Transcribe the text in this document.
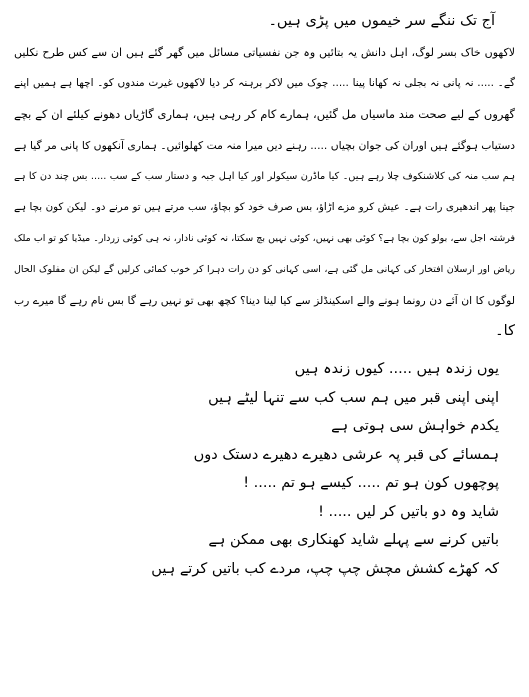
آج تک ننگے سر خیموں میں پڑی ہیں۔
لاکھوں خاک بسر لوگ، اہل دانش یہ بتائیں وہ جن نفسیاتی مسائل میں گھر گئے ہیں ان سے کس طرح نکلیں
گے۔ ..... نہ پانی نہ بجلی نہ کھانا پینا ..... چوک میں لاکر برہنہ کر دیا لاکھوں غیرت مندوں کو۔ اچھا ہے ہمیں اپنے
گھروں کے لیے صحت مند ماسیاں مل گئیں، ہمارے کام کر رہی ہیں، ہماری گاڑیاں دھونے کیلئے ان کے بچے
دستیاب ہوگئے ہیں اوران کی جوان بچیاں ..... رہنے دیں میرا منہ مت کھلوائیں۔ ہماری آنکھوں کا پانی مر گیا ہے
ہم سب منہ کی کلاشنکوف چلا رہے ہیں۔ کیا ماڈرن سیکولر اور کیا اہل جبہ و دستار سب کے سب ..... بس چند دن کا ہے
جینا پھر اندھیری رات ہے۔ عیش کرو مزے اڑاؤ، بس صرف خود کو بچاؤ، سب مرتے ہیں تو مرنے دو۔ لیکن کون بچا ہے
فرشتہ اجل سے، بولو کون بچا ہے؟ کوئی بھی نہیں، کوئی نہیں بچ سکتا، نہ کوئی نادار، نہ ہی کوئی زردار۔ میڈیا کو تو اب ملک
ریاض اور ارسلان افتخار کی کہانی مل گئی ہے، اسی کہانی کو دن رات دہرا کر خوب کمائی کرلیں گے لیکن ان مفلوک الحال
لوگوں کا ان آئے دن رونما ہونے والے اسکینڈلز سے کیا لینا دینا؟ کچھ بھی تو نہیں رہے گا بس نام رہے گا میرے رب
کا۔
یوں زندہ ہیں ..... کیوں زندہ ہیں
اپنی اپنی قبر میں ہم سب کب سے تنہا لیٹے ہیں
یکدم خواہش سی ہوتی ہے
ہمسائے کی قبر پہ عرشی دھیرے دھیرے دستک دوں
پوچھوں کون ہو تم ..... کیسے ہو تم ..... !
شاید وہ دو باتیں کر لیں ..... !
باتیں کرنے سے پہلے شاید کھنکاری بھی ممکن ہے
کہ کھڑے کشش مچش چپ چپ، مردے کب باتیں کرتے ہیں
